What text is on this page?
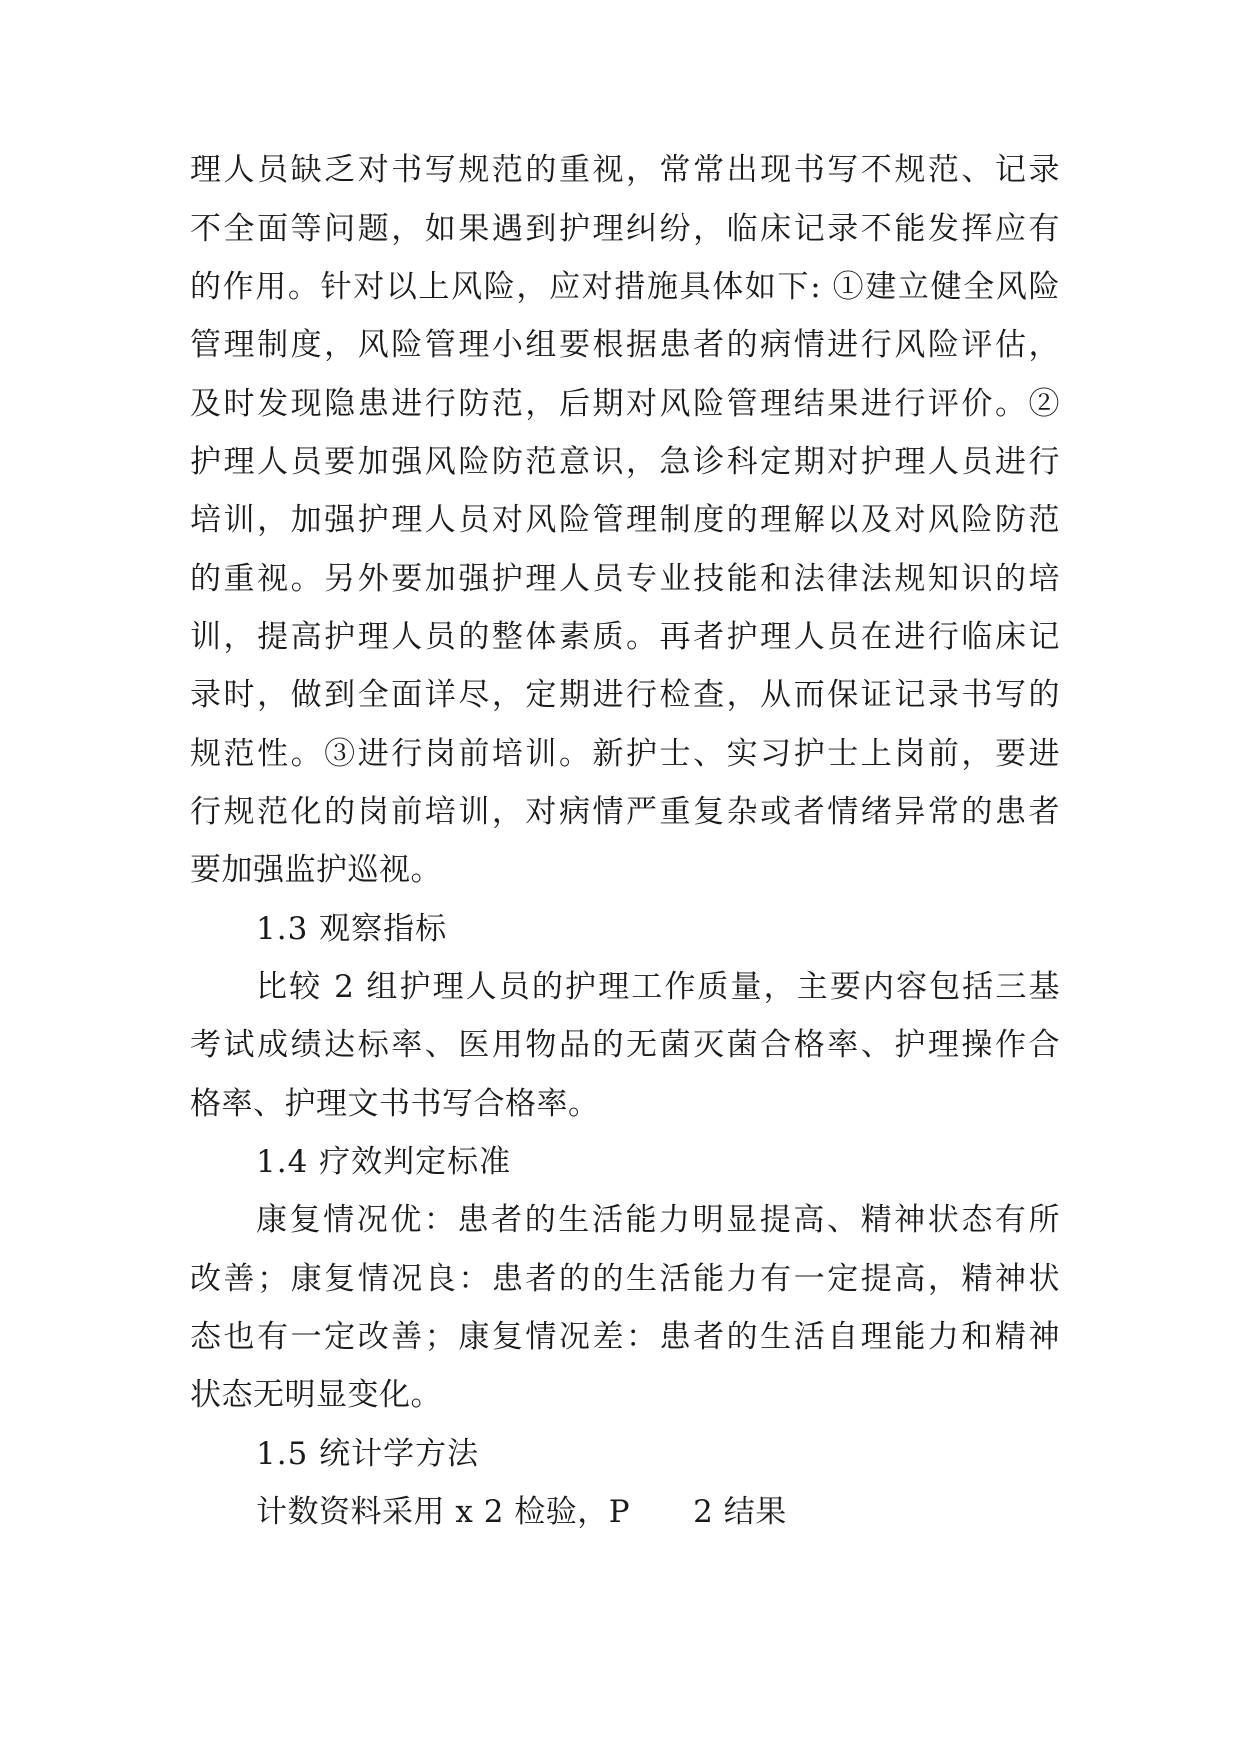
理人员缺乏对书写规范的重视，常常出现书写不规范、记录
不全面等问题，如果遇到护理纠纷，临床记录不能发挥应有
的作用。针对以上风险，应对措施具体如下: ①建立健全风险
管理制度，风险管理小组要根据患者的病情进行风险评估，
及时发现隐患进行防范，后期对风险管理结果进行评价。②
护理人员要加强风险防范意识，急诊科定期对护理人员进行
培训，加强护理人员对风险管理制度的理解以及对风险防范
的重视。另外要加强护理人员专业技能和法律法规知识的培
训，提高护理人员的整体素质。再者护理人员在进行临床记
录时，做到全面详尽，定期进行检查，从而保证记录书写的
规范性。③进行岗前培训。新护士、实习护士上岗前，要进
行规范化的岗前培训，对病情严重复杂或者情绪异常的患者
要加强监护巡视。
1.3 观察指标
比较 2 组护理人员的护理工作质量，主要内容包括三基
考试成绩达标率、医用物品的无菌灭菌合格率、护理操作合
格率、护理文书书写合格率。
1.4 疗效判定标准
康复情况优：患者的生活能力明显提高、精神状态有所
改善；康复情况良：患者的的生活能力有一定提高，精神状
态也有一定改善；康复情况差：患者的生活自理能力和精神
状态无明显变化。
1.5 统计学方法
计数资料采用 x 2 检验，P　　2 结果
